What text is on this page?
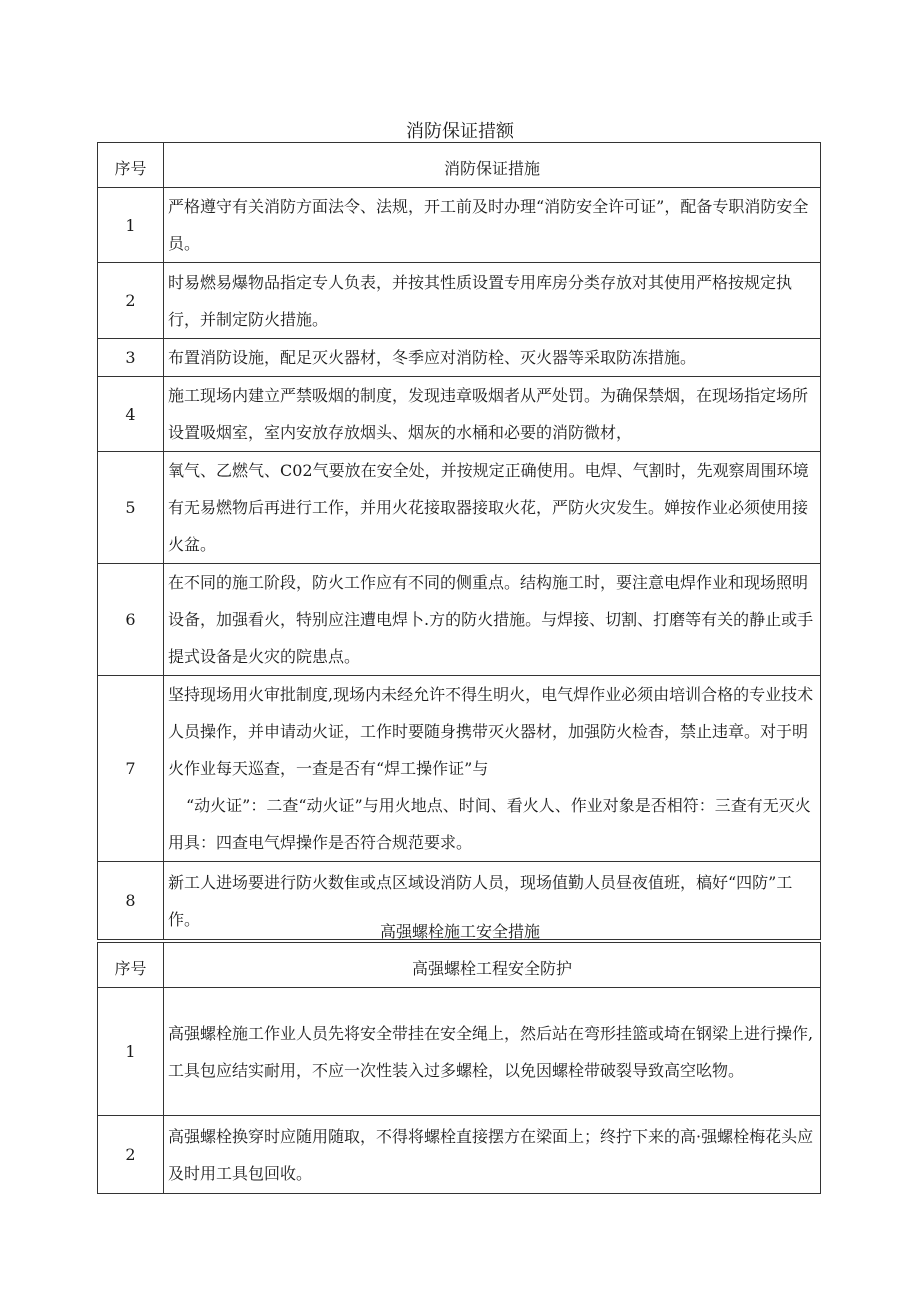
消防保证措额
序号	消防保证措施
1	严格遵守有关消防方面法令、法规，开工前及时办理“消防安全许可证”，配备专职消防安全员。
2	时易燃易爆物品指定专人负表，并按其性质设置专用库房分类存放对其使用严格按规定执行，并制定防火措施。
3	布置消防设施，配足灭火器材，冬季应对消防栓、灭火器等采取防冻措施。
4	施工现场内建立严禁吸烟的制度，发现违章吸烟者从严处罚。为确保禁烟，在现场指定场所设置吸烟室，室内安放存放烟头、烟灰的水桶和必要的消防微材，
5	氧气、乙燃气、C02气要放在安全处，并按规定正确使用。电焊、气割时，先观察周围环境有无易燃物后再进行工作，并用火花接取器接取火花，严防火灾发生。婵按作业必须使用接火盆。
6	在不同的施工阶段，防火工作应有不同的侧重点。结构施工时，要注意电焊作业和现场照明设备，加强看火，特别应注遭电焊卜.方的防火措施。与焊接、切割、打磨等有关的静止或手提式设备是火灾的院患点。
7	坚持现场用火审批制度,现场内未经允许不得生明火，电气焊作业必须由培训合格的专业技术人员操作，并申请动火证，工作时要随身携带灭火器材，加强防火检杳，禁止违章。对于明火作业每天巡查，一查是否有“焊工操作证”与
“动火证”：二查“动火证”与用火地点、时间、看火人、作业对象是否相符：三查有无灭火用具：四查电气焊操作是否符合规范要求。

8	新工人进场要进行防火数隹或点区域设消防人员，现场值勤人员昼夜值班，槁好“四防”工作。
高强螺栓施工安全措施
序号	高强螺栓工程安全防护
1	高强螺栓施工作业人员先将安全带挂在安全绳上，然后站在弯形挂篮或埼在钢梁上进行操作,工具包应结实耐用，不应一次性装入过多螺栓，以免因螺栓带破裂导致高空吆物。
2	高强螺栓换穿时应随用随取，不得将螺栓直接摆方在梁面上；终拧下来的高·强螺栓梅花头应及时用工具包回收。
